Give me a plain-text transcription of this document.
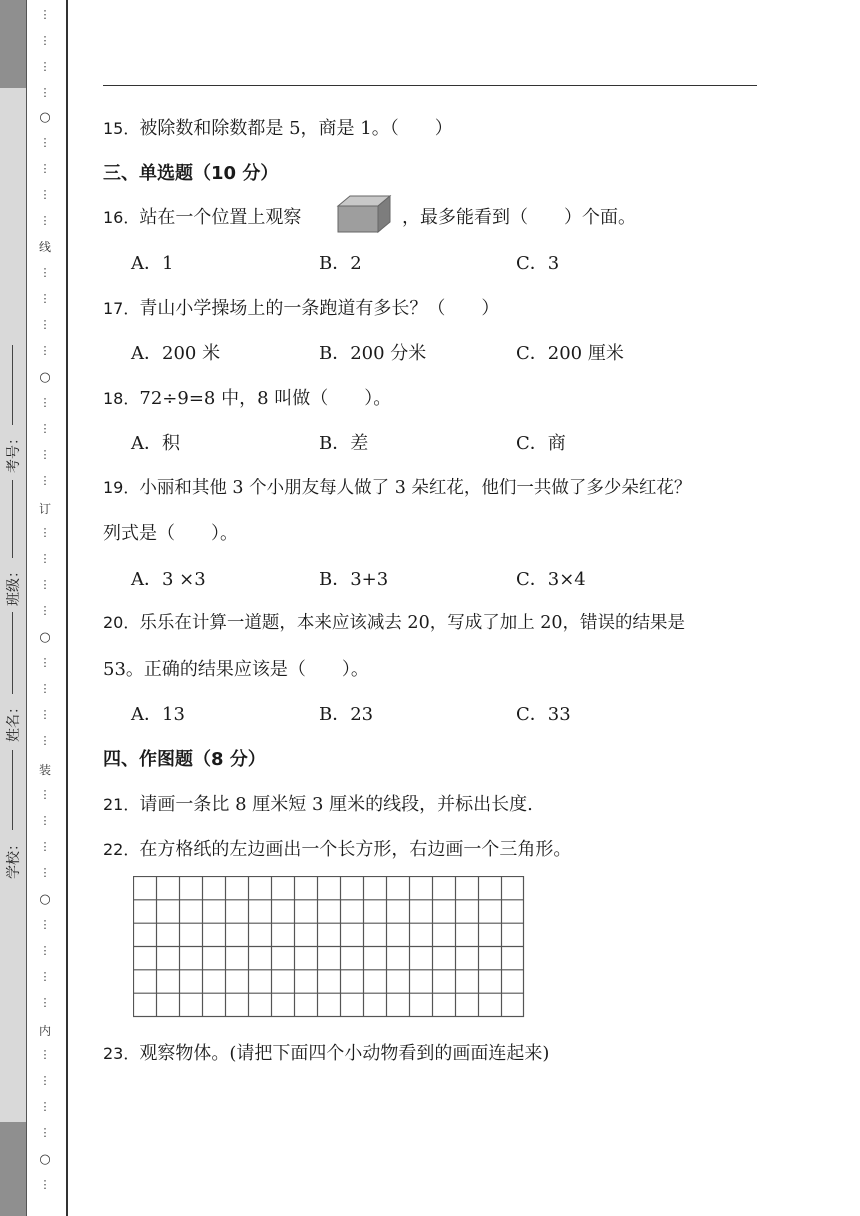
考号：
班级：
姓名：
学校：
⋮
⋮
⋮
⋮
○
⋮
⋮
⋮
⋮
线
⋮
⋮
⋮
⋮
○
⋮
⋮
⋮
⋮
订
⋮
⋮
⋮
⋮
○
⋮
⋮
⋮
⋮
装
⋮
⋮
⋮
⋮
○
⋮
⋮
⋮
⋮
内
⋮
⋮
⋮
⋮
○
⋮
15．被除数和除数都是 5，商是 1。（　　）
三、单选题（10 分）
16．站在一个位置上观察	，最多能看到（　　）个面。
A．1	B．2	C．3
17．青山小学操场上的一条跑道有多长？（　　）
A．200 米	B．200 分米	C．200 厘米
18．72÷9=8 中，8 叫做（　　）。
A．积	B．差	C．商
19．小丽和其他 3 个小朋友每人做了 3 朵红花，他们一共做了多少朵红花？
列式是（　　）。
A．3 ×3	B．3+3	C．3×4
20．乐乐在计算一道题，本来应该减去 20，写成了加上 20，错误的结果是
53。正确的结果应该是（　　）。
A．13	B．23	C．33
四、作图题（8 分）
21．请画一条比 8 厘米短 3 厘米的线段，并标出长度.
22．在方格纸的左边画出一个长方形，右边画一个三角形。
23．观察物体。(请把下面四个小动物看到的画面连起来)
